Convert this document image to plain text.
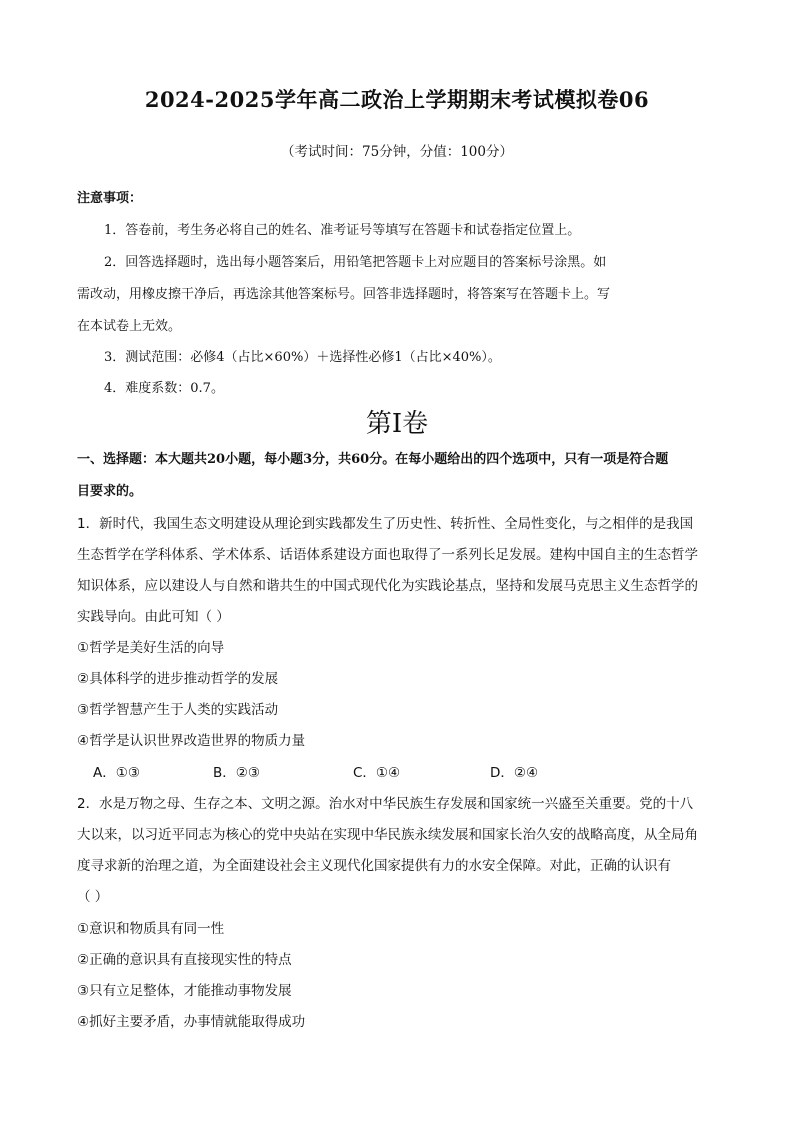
2024-2025学年高二政治上学期期末考试模拟卷06
（考试时间：75分钟，分值：100分）
注意事项：
1．答卷前，考生务必将自己的姓名、准考证号等填写在答题卡和试卷指定位置上。
2．回答选择题时，选出每小题答案后，用铅笔把答题卡上对应题目的答案标号涂黑。如
需改动，用橡皮擦干净后，再选涂其他答案标号。回答非选择题时，将答案写在答题卡上。写
在本试卷上无效。
3．测试范围：必修4（占比×60%）＋选择性必修1（占比×40%）。
4．难度系数：0.7。
第Ⅰ卷
一、选择题：本大题共20小题，每小题3分，共60分。在每小题给出的四个选项中，只有一项是符合题
目要求的。
1．新时代，我国生态文明建设从理论到实践都发生了历史性、转折性、全局性变化，与之相伴的是我国
生态哲学在学科体系、学术体系、话语体系建设方面也取得了一系列长足发展。建构中国自主的生态哲学
知识体系，应以建设人与自然和谐共生的中国式现代化为实践论基点，坚持和发展马克思主义生态哲学的
实践导向。由此可知（ ）
①哲学是美好生活的向导
②具体科学的进步推动哲学的发展
③哲学智慧产生于人类的实践活动
④哲学是认识世界改造世界的物质力量
A．①③	B．②③	C．①④	D．②④
2．水是万物之母、生存之本、文明之源。治水对中华民族生存发展和国家统一兴盛至关重要。党的十八
大以来，以习近平同志为核心的党中央站在实现中华民族永续发展和国家长治久安的战略高度，从全局角
度寻求新的治理之道，为全面建设社会主义现代化国家提供有力的水安全保障。对此，正确的认识有
（ ）
①意识和物质具有同一性
②正确的意识具有直接现实性的特点
③只有立足整体，才能推动事物发展
④抓好主要矛盾，办事情就能取得成功
